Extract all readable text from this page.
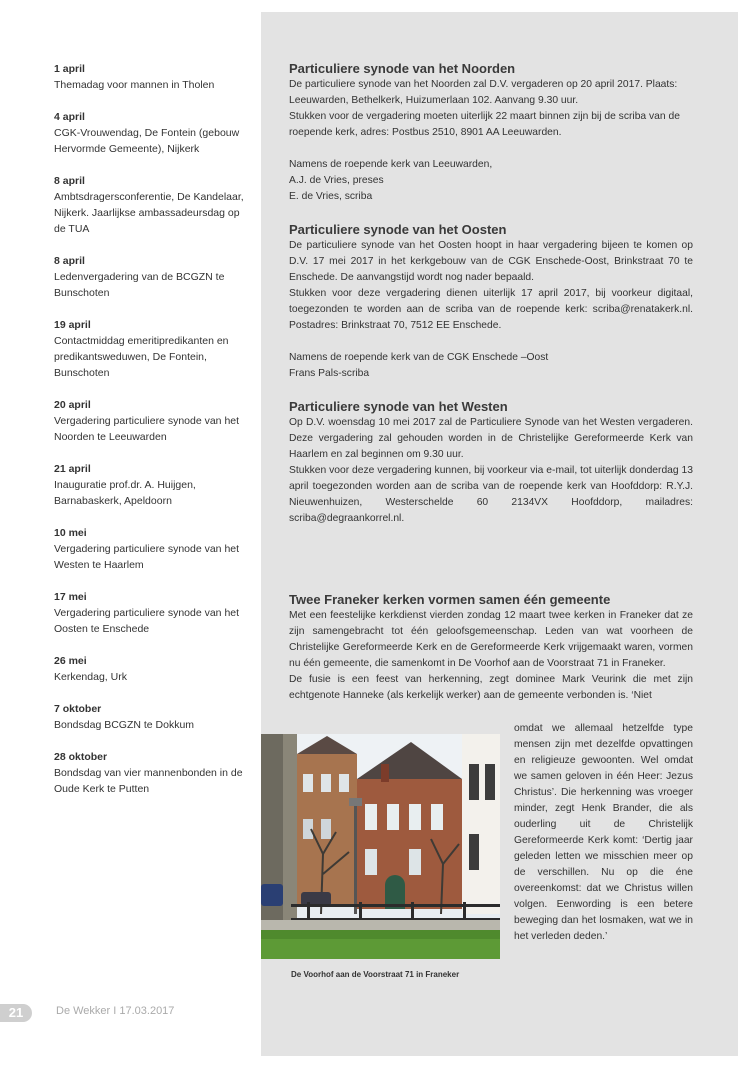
1 april
Themadag voor mannen in Tholen
4 april
CGK-Vrouwendag, De Fontein (gebouw Hervormde Gemeente), Nijkerk
8 april
Ambtsdragersconferentie, De Kandelaar, Nijkerk. Jaarlijkse ambassadeursdag op de TUA
8 april
Ledenvergadering van de BCGZN te Bunschoten
19 april
Contactmiddag emeritipredikanten en predikantsweduwen, De Fontein, Bunschoten
20 april
Vergadering particuliere synode van het Noorden te Leeuwarden
21 april
Inauguratie prof.dr. A. Huijgen, Barnabaskerk, Apeldoorn
10 mei
Vergadering particuliere synode van het Westen te Haarlem
17 mei
Vergadering particuliere synode van het Oosten te Enschede
26 mei
Kerkendag, Urk
7 oktober
Bondsdag BCGZN te Dokkum
28 oktober
Bondsdag van vier mannenbonden in de Oude Kerk te Putten
Particuliere synode van het Noorden

De particuliere synode van het Noorden zal D.V. vergaderen op 20 april 2017. Plaats: Leeuwarden, Bethelkerk, Huizumerlaan 102. Aanvang 9.30 uur.

Stukken voor de vergadering moeten uiterlijk 22 maart binnen zijn bij de scriba van de roepende kerk, adres: Postbus 2510, 8901 AA Leeuwarden.

Namens de roepende kerk van Leeuwarden,

A.J. de Vries, preses

E. de Vries, scriba

Particuliere synode van het Oosten

De particuliere synode van het Oosten hoopt in haar vergadering bijeen te komen op D.V. 17 mei 2017 in het kerkgebouw van de CGK Enschede-Oost, Brinkstraat 70 te Enschede. De aanvangstijd wordt nog nader bepaald.

Stukken voor deze vergadering dienen uiterlijk 17 april 2017, bij voorkeur digitaal, toegezonden te worden aan de scriba van de roepende kerk: scriba@renatakerk.nl. Postadres: Brinkstraat 70, 7512 EE Enschede.

Namens de roepende kerk van de CGK Enschede –Oost

Frans Pals-scriba

Particuliere synode van het Westen

Op D.V. woensdag 10 mei 2017 zal de Particuliere Synode van het Westen vergaderen. Deze vergadering zal gehouden worden in de Christelijke Gereformeerde Kerk van Haarlem en zal beginnen om 9.30 uur.

Stukken voor deze vergadering kunnen, bij voorkeur via e-mail, tot uiterlijk donderdag 13 april toegezonden worden aan de scriba van de roepende kerk van Hoofddorp: R.Y.J. Nieuwenhuizen, Westerschelde 60 2134VX Hoofddorp, mailadres: scriba@degraankorrel.nl.

Twee Franeker kerken vormen samen één gemeente

Met een feestelijke kerkdienst vierden zondag 12 maart twee kerken in Franeker dat ze zijn samengebracht tot één geloofsgemeenschap. Leden van wat voorheen de Christelijke Gereformeerde Kerk en de Gereformeerde Kerk vrijgemaakt waren, vormen nu één gemeente, die samenkomt in De Voorhof aan de Voorstraat 71 in Franeker.

De fusie is een feest van herkenning, zegt dominee Mark Veurink die met zijn echtgenote Hanneke (als kerkelijk werker) aan de gemeente verbonden is. ‘Niet

omdat we allemaal hetzelfde type mensen zijn met dezelfde opvattingen en religieuze gewoonten. Wel omdat we samen geloven in één Heer: Jezus Christus’. Die herkenning was vroeger minder, zegt Henk Brander, die als ouderling uit de Christelijk Gereformeerde Kerk komt: ‘Dertig jaar geleden letten we misschien meer op de verschillen. Nu op die éne overeenkomst: dat we Christus willen volgen. Eenwording is een betere beweging dan het losmaken, wat we in het verleden deden.’

De Voorhof aan de Voorstraat 71 in Franeker
21	De Wekker I 17.03.2017
